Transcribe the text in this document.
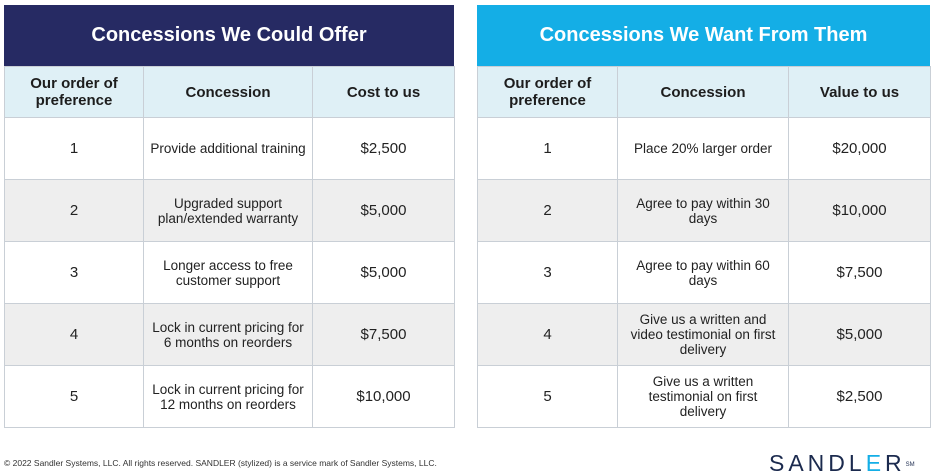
Concessions We Could Offer
Our order of preference	Concession	Cost to us
1	Provide additional training	$2,500
2	Upgraded support plan/extended warranty	$5,000
3	Longer access to free customer support	$5,000
4	Lock in current pricing for 6 months on reorders	$7,500
5	Lock in current pricing for 12 months on reorders	$10,000
Concessions We Want From Them
Our order of preference	Concession	Value to us
1	Place 20% larger order	$20,000
2	Agree to pay within 30 days	$10,000
3	Agree to pay within 60 days	$7,500
4	Give us a written and video testimonial on first delivery	$5,000
5	Give us a written testimonial on first delivery	$2,500
© 2022 Sandler Systems, LLC. All rights reserved. SANDLER (stylized) is a service mark of Sandler Systems, LLC.	SANDLER℠
